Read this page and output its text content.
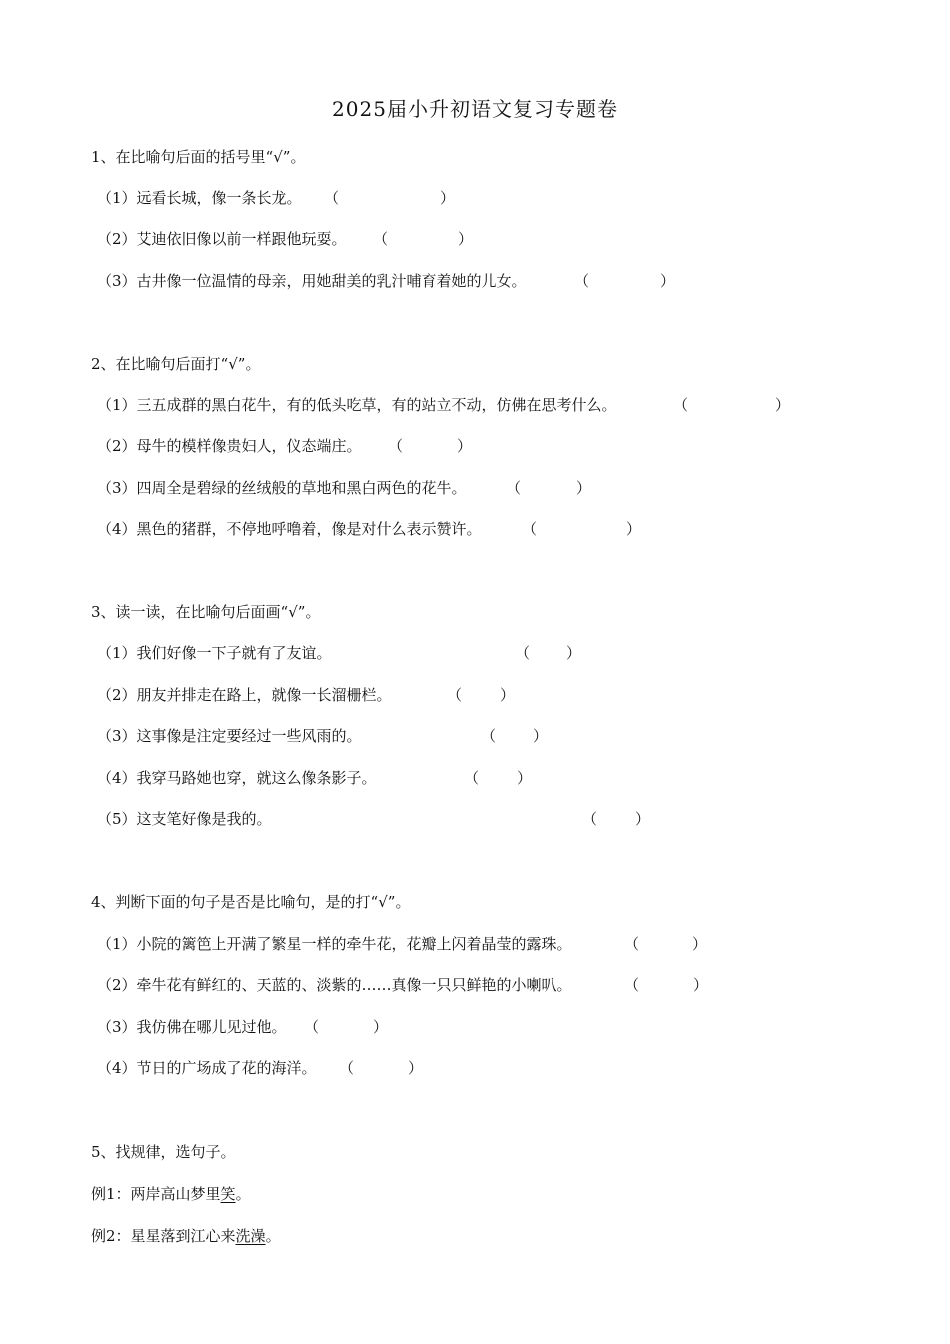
2025届小升初语文复习专题卷
1、在比喻句后面的括号里“√”。
（1）远看长城，像一条长龙。 （	）
（2）艾迪依旧像以前一样跟他玩耍。 （	）
（3）古井像一位温情的母亲，用她甜美的乳汁哺育着她的儿女。	（	）
2、在比喻句后面打“√”。
（1）三五成群的黑白花牛，有的低头吃草，有的站立不动，仿佛在思考什么。	（	）
（2）母牛的模样像贵妇人，仪态端庄。 （	）
（3）四周全是碧绿的丝绒般的草地和黑白两色的花牛。	（	）
（4）黑色的猪群，不停地呼噜着，像是对什么表示赞许。	（	）
3、读一读，在比喻句后面画“√”。
（1）我们好像一下子就有了友谊。	（ ）
（2）朋友并排走在路上，就像一长溜栅栏。	（	）
（3）这事像是注定要经过一些风雨的。	（ ）
（4）我穿马路她也穿，就这么像条影子。	（	）
（5）这支笔好像是我的。	（	）
4、判断下面的句子是否是比喻句，是的打“√”。
（1）小院的篱笆上开满了繁星一样的牵牛花，花瓣上闪着晶莹的露珠。	（	）
（2）牵牛花有鲜红的、天蓝的、淡紫的……真像一只只鲜艳的小喇叭。	（	）
（3）我仿佛在哪儿见过他。 （	）
（4）节日的广场成了花的海洋。 （	）
5、找规律，选句子。
例1：两岸高山梦里笑。
例2：星星落到江心来洗澡。
